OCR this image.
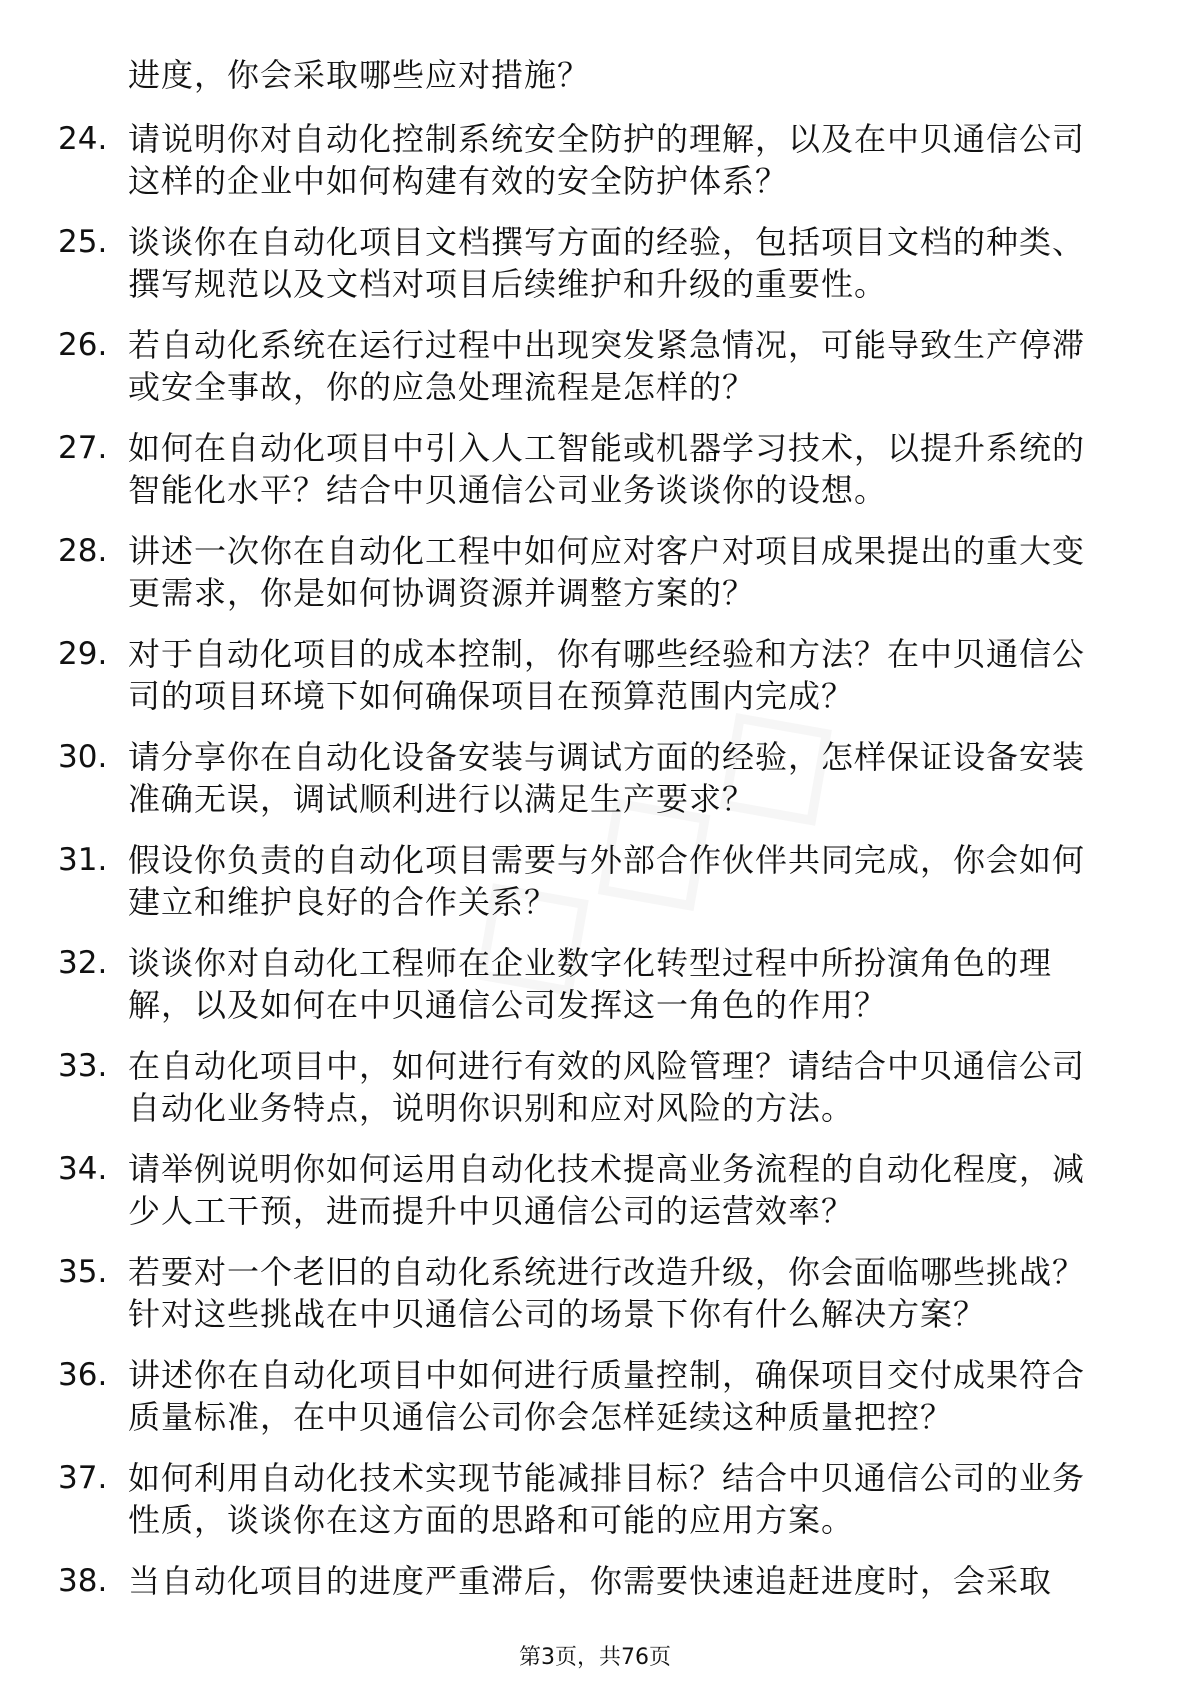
进度，你会采取哪些应对措施？
24. 请说明你对自动化控制系统安全防护的理解，以及在中贝通信公司这样的企业中如何构建有效的安全防护体系？
25. 谈谈你在自动化项目文档撰写方面的经验，包括项目文档的种类、撰写规范以及文档对项目后续维护和升级的重要性。
26. 若自动化系统在运行过程中出现突发紧急情况，可能导致生产停滞或安全事故，你的应急处理流程是怎样的？
27. 如何在自动化项目中引入人工智能或机器学习技术，以提升系统的智能化水平？结合中贝通信公司业务谈谈你的设想。
28. 讲述一次你在自动化工程中如何应对客户对项目成果提出的重大变更需求，你是如何协调资源并调整方案的？
29. 对于自动化项目的成本控制，你有哪些经验和方法？在中贝通信公司的项目环境下如何确保项目在预算范围内完成？
30. 请分享你在自动化设备安装与调试方面的经验，怎样保证设备安装准确无误，调试顺利进行以满足生产要求？
31. 假设你负责的自动化项目需要与外部合作伙伴共同完成，你会如何建立和维护良好的合作关系？
32. 谈谈你对自动化工程师在企业数字化转型过程中所扮演角色的理解，以及如何在中贝通信公司发挥这一角色的作用？
33. 在自动化项目中，如何进行有效的风险管理？请结合中贝通信公司自动化业务特点，说明你识别和应对风险的方法。
34. 请举例说明你如何运用自动化技术提高业务流程的自动化程度，减少人工干预，进而提升中贝通信公司的运营效率？
35. 若要对一个老旧的自动化系统进行改造升级，你会面临哪些挑战？针对这些挑战在中贝通信公司的场景下你有什么解决方案？
36. 讲述你在自动化项目中如何进行质量控制，确保项目交付成果符合质量标准，在中贝通信公司你会怎样延续这种质量把控？
37. 如何利用自动化技术实现节能减排目标？结合中贝通信公司的业务性质，谈谈你在这方面的思路和可能的应用方案。
38. 当自动化项目的进度严重滞后，你需要快速追赶进度时，会采取
第3页，共76页
